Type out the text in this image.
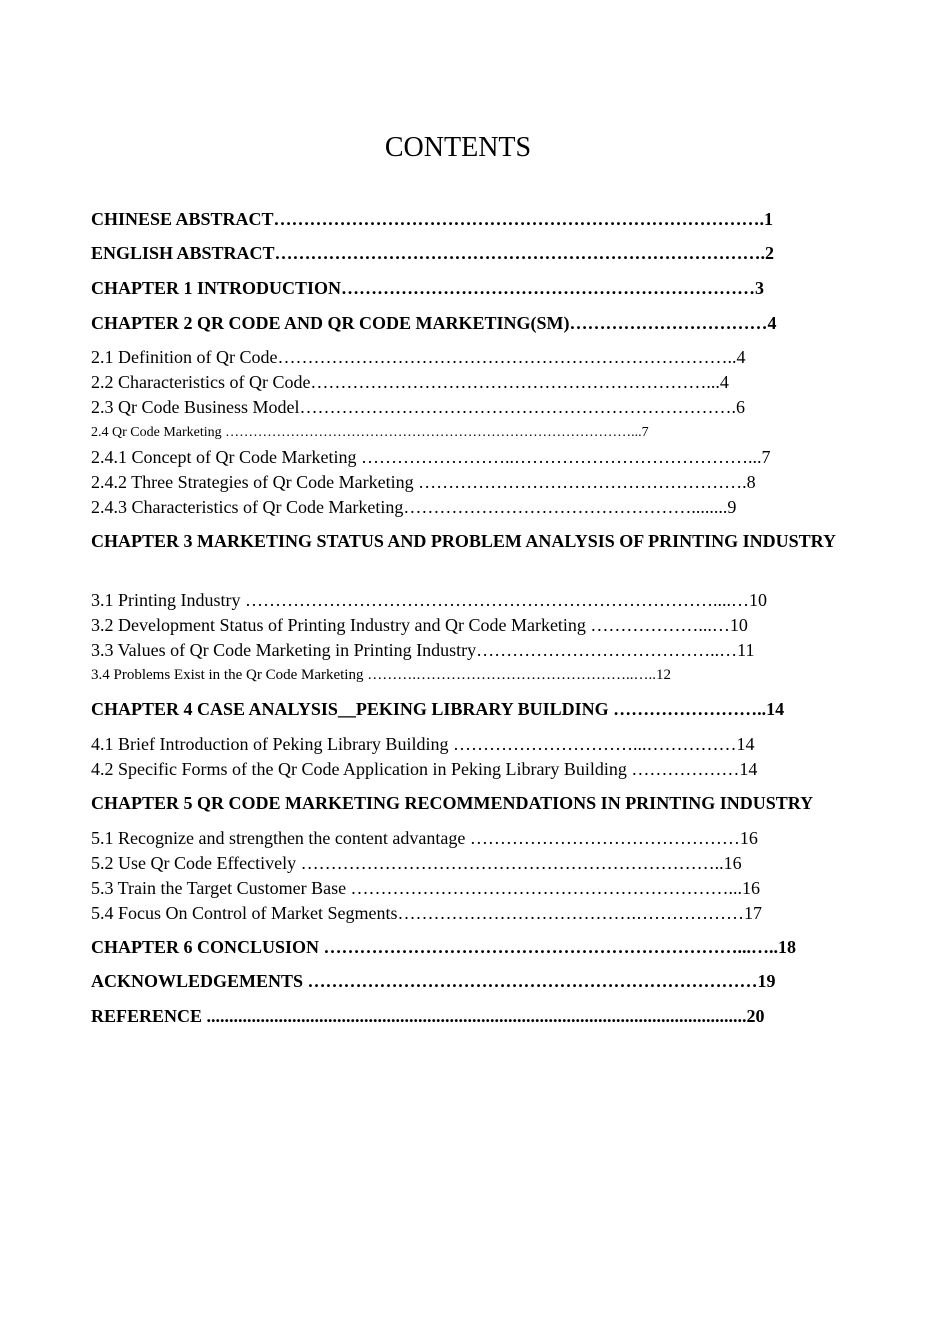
CONTENTS
CHINESE ABSTRACT……………………………………………………………………….1
ENGLISH ABSTRACT……………………………………………………………………….2
CHAPTER 1 INTRODUCTION……………………………………………………………3
CHAPTER 2 QR CODE AND QR CODE MARKETING(SM)……………………………4
2.1 Definition of Qr Code…………………………………………………………………..4
2.2 Characteristics of Qr Code…………………………………………………………...4
2.3 Qr Code Business Model……………………………………………………………….6
2.4 Qr Code Marketing ……………………………………………………………………………...7
2.4.1 Concept of Qr Code Marketing ……………………..…………………………………...7
2.4.2 Three Strategies of Qr Code Marketing ……………………………………………….8
2.4.3 Characteristics of Qr Code Marketing…………………………………………........9
CHAPTER 3 MARKETING STATUS AND PROBLEM ANALYSIS OF PRINTING INDUSTRY
3.1 Printing Industry ……………………………………………………………………....…10
3.2 Development Status of Printing Industry and Qr Code Marketing ………………...…10
3.3 Values of Qr Code Marketing in Printing Industry…………………………………..…11
3.4 Problems Exist in the Qr Code Marketing ……….……………………………………..…..12
CHAPTER 4 CASE ANALYSIS__PEKING LIBRARY BUILDING ……………………..14
4.1 Brief Introduction of Peking Library Building …………………………...……………14
4.2 Specific Forms of the Qr Code Application in Peking Library Building ………………14
CHAPTER 5 QR CODE MARKETING RECOMMENDATIONS IN PRINTING INDUSTRY
5.1 Recognize and strengthen the content advantage ………………………………………16
5.2 Use Qr Code Effectively ……………………………………………………………..16
5.3 Train the Target Customer Base ………………………………………………………...16
5.4 Focus On Control of Market Segments………………………………….………………17
CHAPTER 6 CONCLUSION ……………………………………………………………...…..18
ACKNOWLEDGEMENTS …………………………………………………………………19
REFERENCE ........................................................................................................................20
